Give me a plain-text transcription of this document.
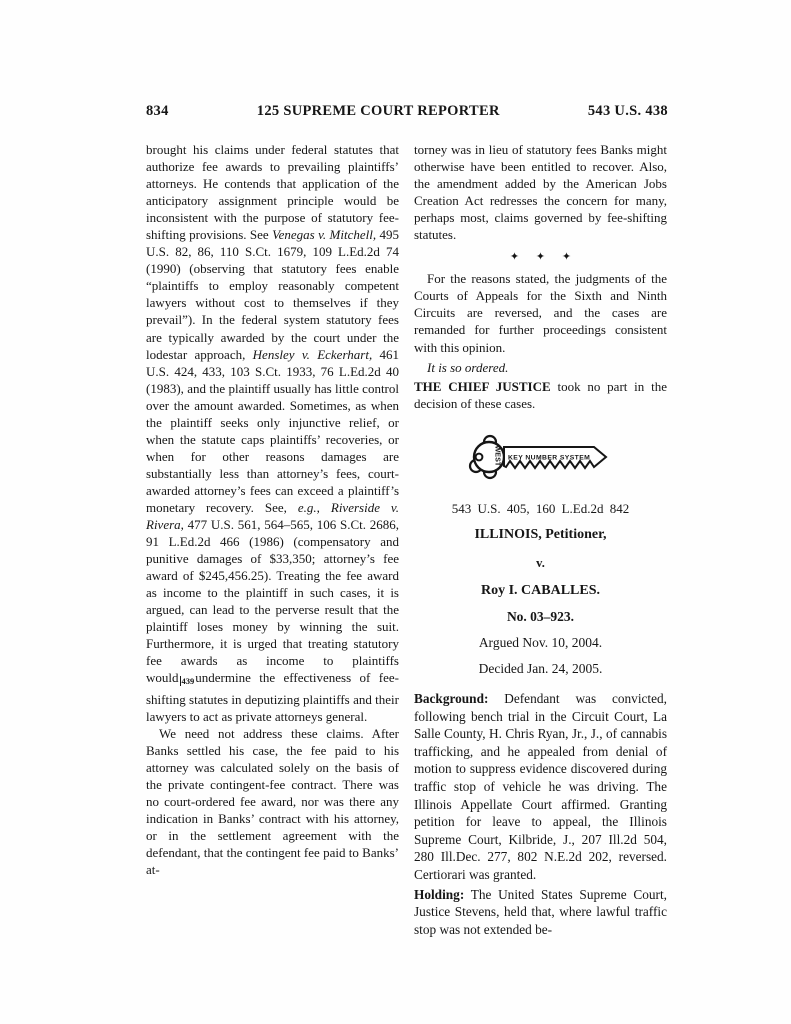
834	125 SUPREME COURT REPORTER	543 U.S. 438

brought his claims under federal statutes that authorize fee awards to prevailing plaintiffs’ attorneys. He contends that application of the anticipatory assignment principle would be inconsistent with the purpose of statutory fee-shifting provisions. See Venegas v. Mitchell, 495 U.S. 82, 86, 110 S.Ct. 1679, 109 L.Ed.2d 74 (1990) (observing that statutory fees enable “plaintiffs to employ reasonably competent lawyers without cost to themselves if they prevail”). In the federal system statutory fees are typically awarded by the court under the lodestar approach, Hensley v. Eckerhart, 461 U.S. 424, 433, 103 S.Ct. 1933, 76 L.Ed.2d 40 (1983), and the plaintiff usually has little control over the amount awarded. Sometimes, as when the plaintiff seeks only injunctive relief, or when the statute caps plaintiffs’ recoveries, or when for other reasons damages are substantially less than attorney’s fees, court-awarded attorney’s fees can exceed a plaintiff’s monetary recovery. See, e.g., Riverside v. Rivera, 477 U.S. 561, 564–565, 106 S.Ct. 2686, 91 L.Ed.2d 466 (1986) (compensatory and punitive damages of $33,350; attorney’s fee award of $245,456.25). Treating the fee award as income to the plaintiff in such cases, it is argued, can lead to the perverse result that the plaintiff loses money by winning the suit. Furthermore, it is urged that treating statutory fee awards as income to plaintiffs would 439undermine the effectiveness of fee-shifting statutes in deputizing plaintiffs and their lawyers to act as private attorneys general.

We need not address these claims. After Banks settled his case, the fee paid to his attorney was calculated solely on the basis of the private contingent-fee contract. There was no court-ordered fee award, nor was there any indication in Banks’ contract with his attorney, or in the settlement agreement with the defendant, that the contingent fee paid to Banks’ at-

torney was in lieu of statutory fees Banks might otherwise have been entitled to recover. Also, the amendment added by the American Jobs Creation Act redresses the concern for many, perhaps most, claims governed by fee-shifting statutes.

✦ ✦ ✦

For the reasons stated, the judgments of the Courts of Appeals for the Sixth and Ninth Circuits are reversed, and the cases are remanded for further proceedings consistent with this opinion.

It is so ordered.

THE CHIEF JUSTICE took no part in the decision of these cases.

WEST KEY NUMBER SYSTEM

543 U.S. 405, 160 L.Ed.2d 842

ILLINOIS, Petitioner,

v.

Roy I. CABALLES.

No. 03–923.

Argued Nov. 10, 2004.

Decided Jan. 24, 2005.

Background: Defendant was convicted, following bench trial in the Circuit Court, La Salle County, H. Chris Ryan, Jr., J., of cannabis trafficking, and he appealed from denial of motion to suppress evidence discovered during traffic stop of vehicle he was driving. The Illinois Appellate Court affirmed. Granting petition for leave to appeal, the Illinois Supreme Court, Kilbride, J., 207 Ill.2d 504, 280 Ill.Dec. 277, 802 N.E.2d 202, reversed. Certiorari was granted.

Holding: The United States Supreme Court, Justice Stevens, held that, where lawful traffic stop was not extended be-
